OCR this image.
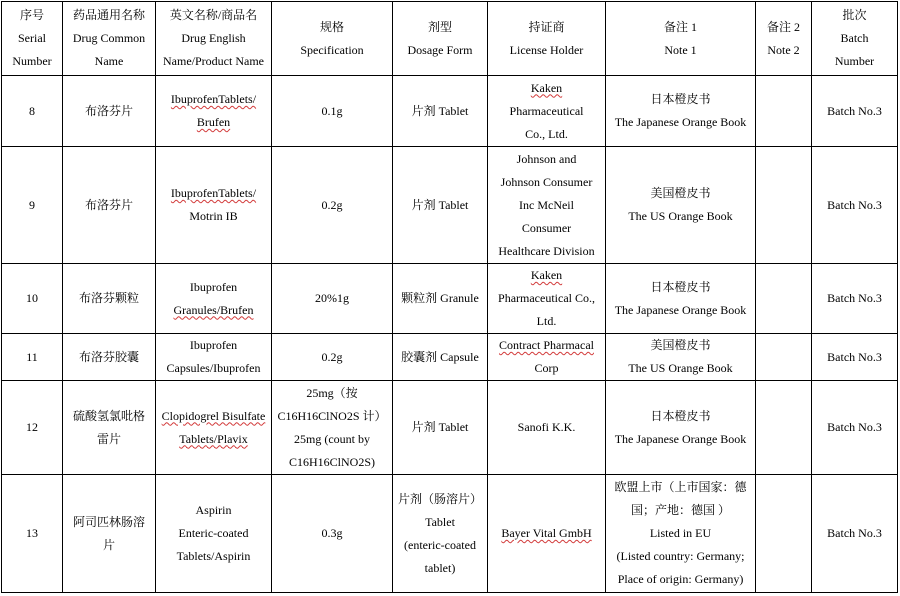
序号
Serial
Number	药品通用名称
Drug Common
Name	英文名称/商品名
Drug English
Name/Product Name	规格
Specification	剂型
Dosage Form	持证商
License Holder	备注 1
Note 1	备注 2
Note 2	批次
Batch
Number

8	布洛芬片	IbuprofenTablets/
Brufen	0.1g	片剂 Tablet	Kaken
Pharmaceutical
Co., Ltd.	日本橙皮书
The Japanese Orange Book		Batch No.3
9	布洛芬片	IbuprofenTablets/
Motrin IB	0.2g	片剂 Tablet	Johnson and
Johnson Consumer
Inc McNeil
Consumer
Healthcare Division	美国橙皮书
The US Orange Book		Batch No.3
10	布洛芬颗粒	Ibuprofen
Granules/Brufen	20%1g	颗粒剂 Granule	Kaken
Pharmaceutical Co.,
Ltd.	日本橙皮书
The Japanese Orange Book		Batch No.3
11	布洛芬胶囊	Ibuprofen
Capsules/Ibuprofen	0.2g	胶囊剂 Capsule	Contract Pharmacal
Corp	美国橙皮书
The US Orange Book		Batch No.3
12	硫酸氢氯吡格
雷片	Clopidogrel Bisulfate
Tablets/Plavix	25mg（按
C16H16ClNO2S 计）
25mg (count by
C16H16ClNO2S)	片剂 Tablet	Sanofi K.K.	日本橙皮书
The Japanese Orange Book		Batch No.3
13	阿司匹林肠溶
片	Aspirin
Enteric-coated
Tablets/Aspirin	0.3g	片剂（肠溶片）
Tablet
(enteric-coated
tablet)	Bayer Vital GmbH	欧盟上市（上市国家：德
国；产地：德国 ）
Listed in EU
(Listed country: Germany;
Place of origin: Germany)		Batch No.3
